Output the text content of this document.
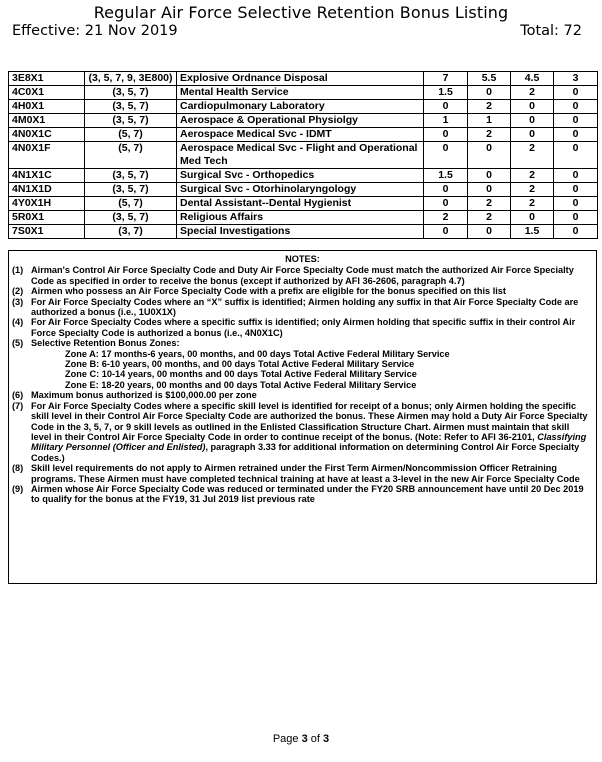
Regular Air Force Selective Retention Bonus Listing
Effective: 21 Nov 2019	Total: 72
3E8X1	(3, 5, 7, 9, 3E800)	Explosive Ordnance Disposal	7	5.5	4.5	3
4C0X1	(3, 5, 7)	Mental Health Service	1.5	0	2	0
4H0X1	(3, 5, 7)	Cardiopulmonary Laboratory	0	2	0	0
4M0X1	(3, 5, 7)	Aerospace & Operational Physiolgy	1	1	0	0
4N0X1C	(5, 7)	Aerospace Medical Svc - IDMT	0	2	0	0
4N0X1F	(5, 7)	Aerospace Medical Svc - Flight and Operational Med Tech	0	0	2	0
4N1X1C	(3, 5, 7)	Surgical Svc - Orthopedics	1.5	0	2	0
4N1X1D	(3, 5, 7)	Surgical Svc - Otorhinolaryngology	0	0	2	0
4Y0X1H	(5, 7)	Dental Assistant--Dental Hygienist	0	2	2	0
5R0X1	(3, 5, 7)	Religious Affairs	2	2	0	0
7S0X1	(3, 7)	Special Investigations	0	0	1.5	0
NOTES:
(1) Airman's Control Air Force Specialty Code and Duty Air Force Specialty Code must match the authorized Air Force Specialty Code as specified in order to receive the bonus (except if authorized by AFI 36-2606, paragraph 4.7)
(2) Airmen who possess an Air Force Specialty Code with a prefix are eligible for the bonus specified on this list
(3) For Air Force Specialty Codes where an “X” suffix is identified; Airmen holding any suffix in that Air Force Specialty Code are authorized a bonus (i.e., 1U0X1X)
(4) For Air Force Specialty Codes where a specific suffix is identified; only Airmen holding that specific suffix in their control Air Force Specialty Code is authorized a bonus (i.e., 4N0X1C)
(5) Selective Retention Bonus Zones:
Zone A: 17 months-6 years, 00 months, and 00 days Total Active Federal Military Service
Zone B: 6-10 years, 00 months, and 00 days Total Active Federal Military Service
Zone C: 10-14 years, 00 months and 00 days Total Active Federal Military Service
Zone E: 18-20 years, 00 months and 00 days Total Active Federal Military Service
(6) Maximum bonus authorized is $100,000.00 per zone
(7) For Air Force Specialty Codes where a specific skill level is identified for receipt of a bonus; only Airmen holding the specific skill level in their Control Air Force Specialty Code are authorized the bonus. These Airmen may hold a Duty Air Force Specialty Code in the 3, 5, 7, or 9 skill levels as outlined in the Enlisted Classification Structure Chart. Airmen must maintain that skill level in their Control Air Force Specialty Code in order to continue receipt of the bonus. (Note: Refer to AFI 36-2101, Classifying Military Personnel (Officer and Enlisted), paragraph 3.33 for additional information on determining Control Air Force Specialty Codes.)
(8) Skill level requirements do not apply to Airmen retrained under the First Term Airmen/Noncommission Officer Retraining programs. These Airmen must have completed technical training at have at least a 3-level in the new Air Force Specialty Code
(9) Airmen whose Air Force Specialty Code was reduced or terminated under the FY20 SRB announcement have until 20 Dec 2019 to qualify for the bonus at the FY19, 31 Jul 2019 list previous rate
Page 3 of 3
